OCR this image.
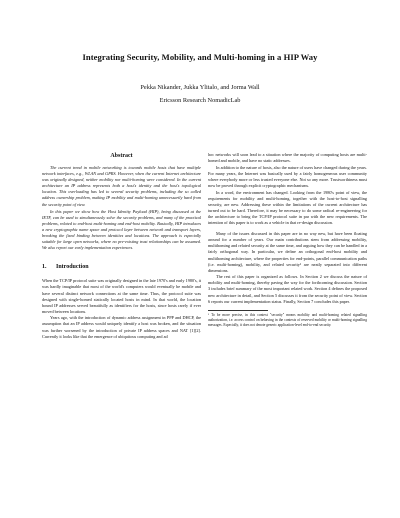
Integrating Security, Mobility, and Multi-homing in a HIP Way
Pekka Nikander, Jukka Ylitalo, and Jorma Wall
Ericsson Research NomadicLab
Abstract

The current trend in mobile networking is towards mobile hosts that have multiple network interfaces, e.g., WLAN and GPRS. However, when the current Internet architecture was originally designed, neither mobility nor multi-homing were considered. In the current architecture an IP address represents both a host's identity and the host's topological location. This overloading has led to several security problems, including the so called address ownership problem, making IP mobility and multi-homing unnecessarily hard from the security point of view.

In this paper we show how the Host Identity Payload (HIP), being discussed at the IETF, can be used to simultaneously solve the security problems, and many of the practical problems, related to end-host multi-homing and end-host mobility. Basically, HIP introduces a new cryptographic name space and protocol layer between network and transport layers, breaking the fixed binding between identities and locations. The approach is especially suitable for large open networks, where no pre-existing trust relationships can be assumed. We also report our early implementation experiences.

1. Introduction

When the TCP/IP protocol suite was originally designed in the late 1970's and early 1980's, it was hardly imaginable that most of the world's computers would eventually be mobile and have several distinct network connections at the same time. Thus, the protocol suite was designed with single-homed statically located hosts in mind. In that world, the location bound IP addresses served beautifully as identifiers for the hosts, since hosts rarely if ever moved between locations.

Years ago, with the introduction of dynamic address assignment in PPP and DHCP, the assumption that an IP address would uniquely identify a host was broken, and the situation was further worsened by the introduction of private IP address spaces and NAT [1][2]. Currently it looks like that the emergence of ubiquitous computing and ad

hoc networks will soon lead to a situation where the majority of computing hosts are multi-homed and mobile, and have no static addresses.

In addition to the nature of hosts, also the nature of users have changed during the years. For many years, the Internet was basically used by a fairly homogeneous user community where everybody more or less trusted everyone else. Not so any more. Trustworthiness must now be proved through explicit cryptographic mechanisms.

In a word, the environment has changed. Looking from the 1980's point of view, the requirements for mobility and multi-homing, together with the host-to-host signalling security, are new. Addressing these within the limitations of the current architecture has turned out to be hard. Therefore, it may be necessary to do some radical re-engineering for the architecture to bring the TCP/IP protocol suite in par with the new requirements. The intention of this paper is to work as a vehicle in that re-design discussion.

Many of the issues discussed in this paper are in no way new, but have been floating around for a number of years. Our main contributions stem from addressing mobility, multihoming and related security at the same time, and arguing how they can be handled in a fairly orthogonal way. In particular, we define an orthogonal end-host mobility and multihoming architecture, where the properties for end-points, parallel communication paths (i.e. multi-homing), mobility, and related security¹ are neatly separated into different dimensions.

The rest of this paper is organized as follows. In Section 2 we discuss the nature of mobility and multi-homing, thereby paving the way for the forthcoming discussion. Section 3 includes brief summary of the most important related work. Section 4 defines the proposed new architecture in detail, and Section 5 discusses it from the security point of view. Section 6 reports our current implementation status. Finally, Section 7 concludes this paper.

¹ To be more precise, in this context "security" means mobility and multi-homing related signalling authorization, i.e. access control on behaving in the contexts of reserved mobility or multi-homing signalling messages. Especially, it does not denote generic application-level end-to-end security.
